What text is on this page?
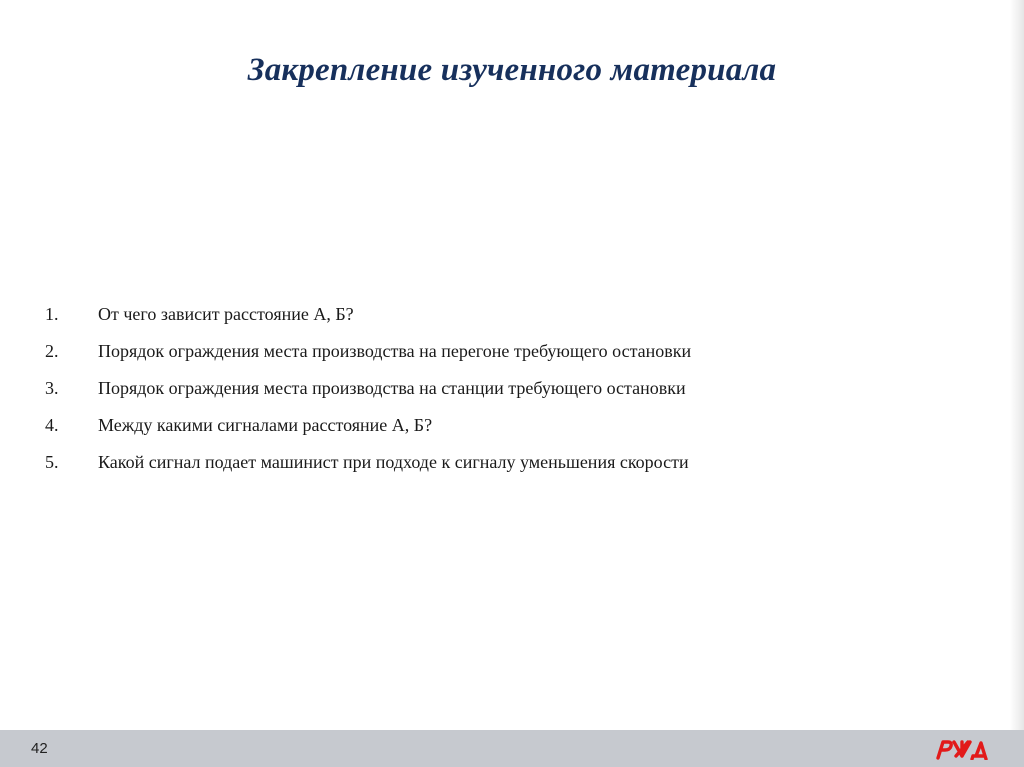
Закрепление изученного материала
1.	От чего зависит расстояние А, Б?
2.	Порядок ограждения места производства на перегоне требующего остановки
3.	Порядок ограждения места производства на станции требующего остановки
4.	Между какими сигналами расстояние А, Б?
5.	Какой сигнал подает машинист при подходе к сигналу уменьшения скорости
42
